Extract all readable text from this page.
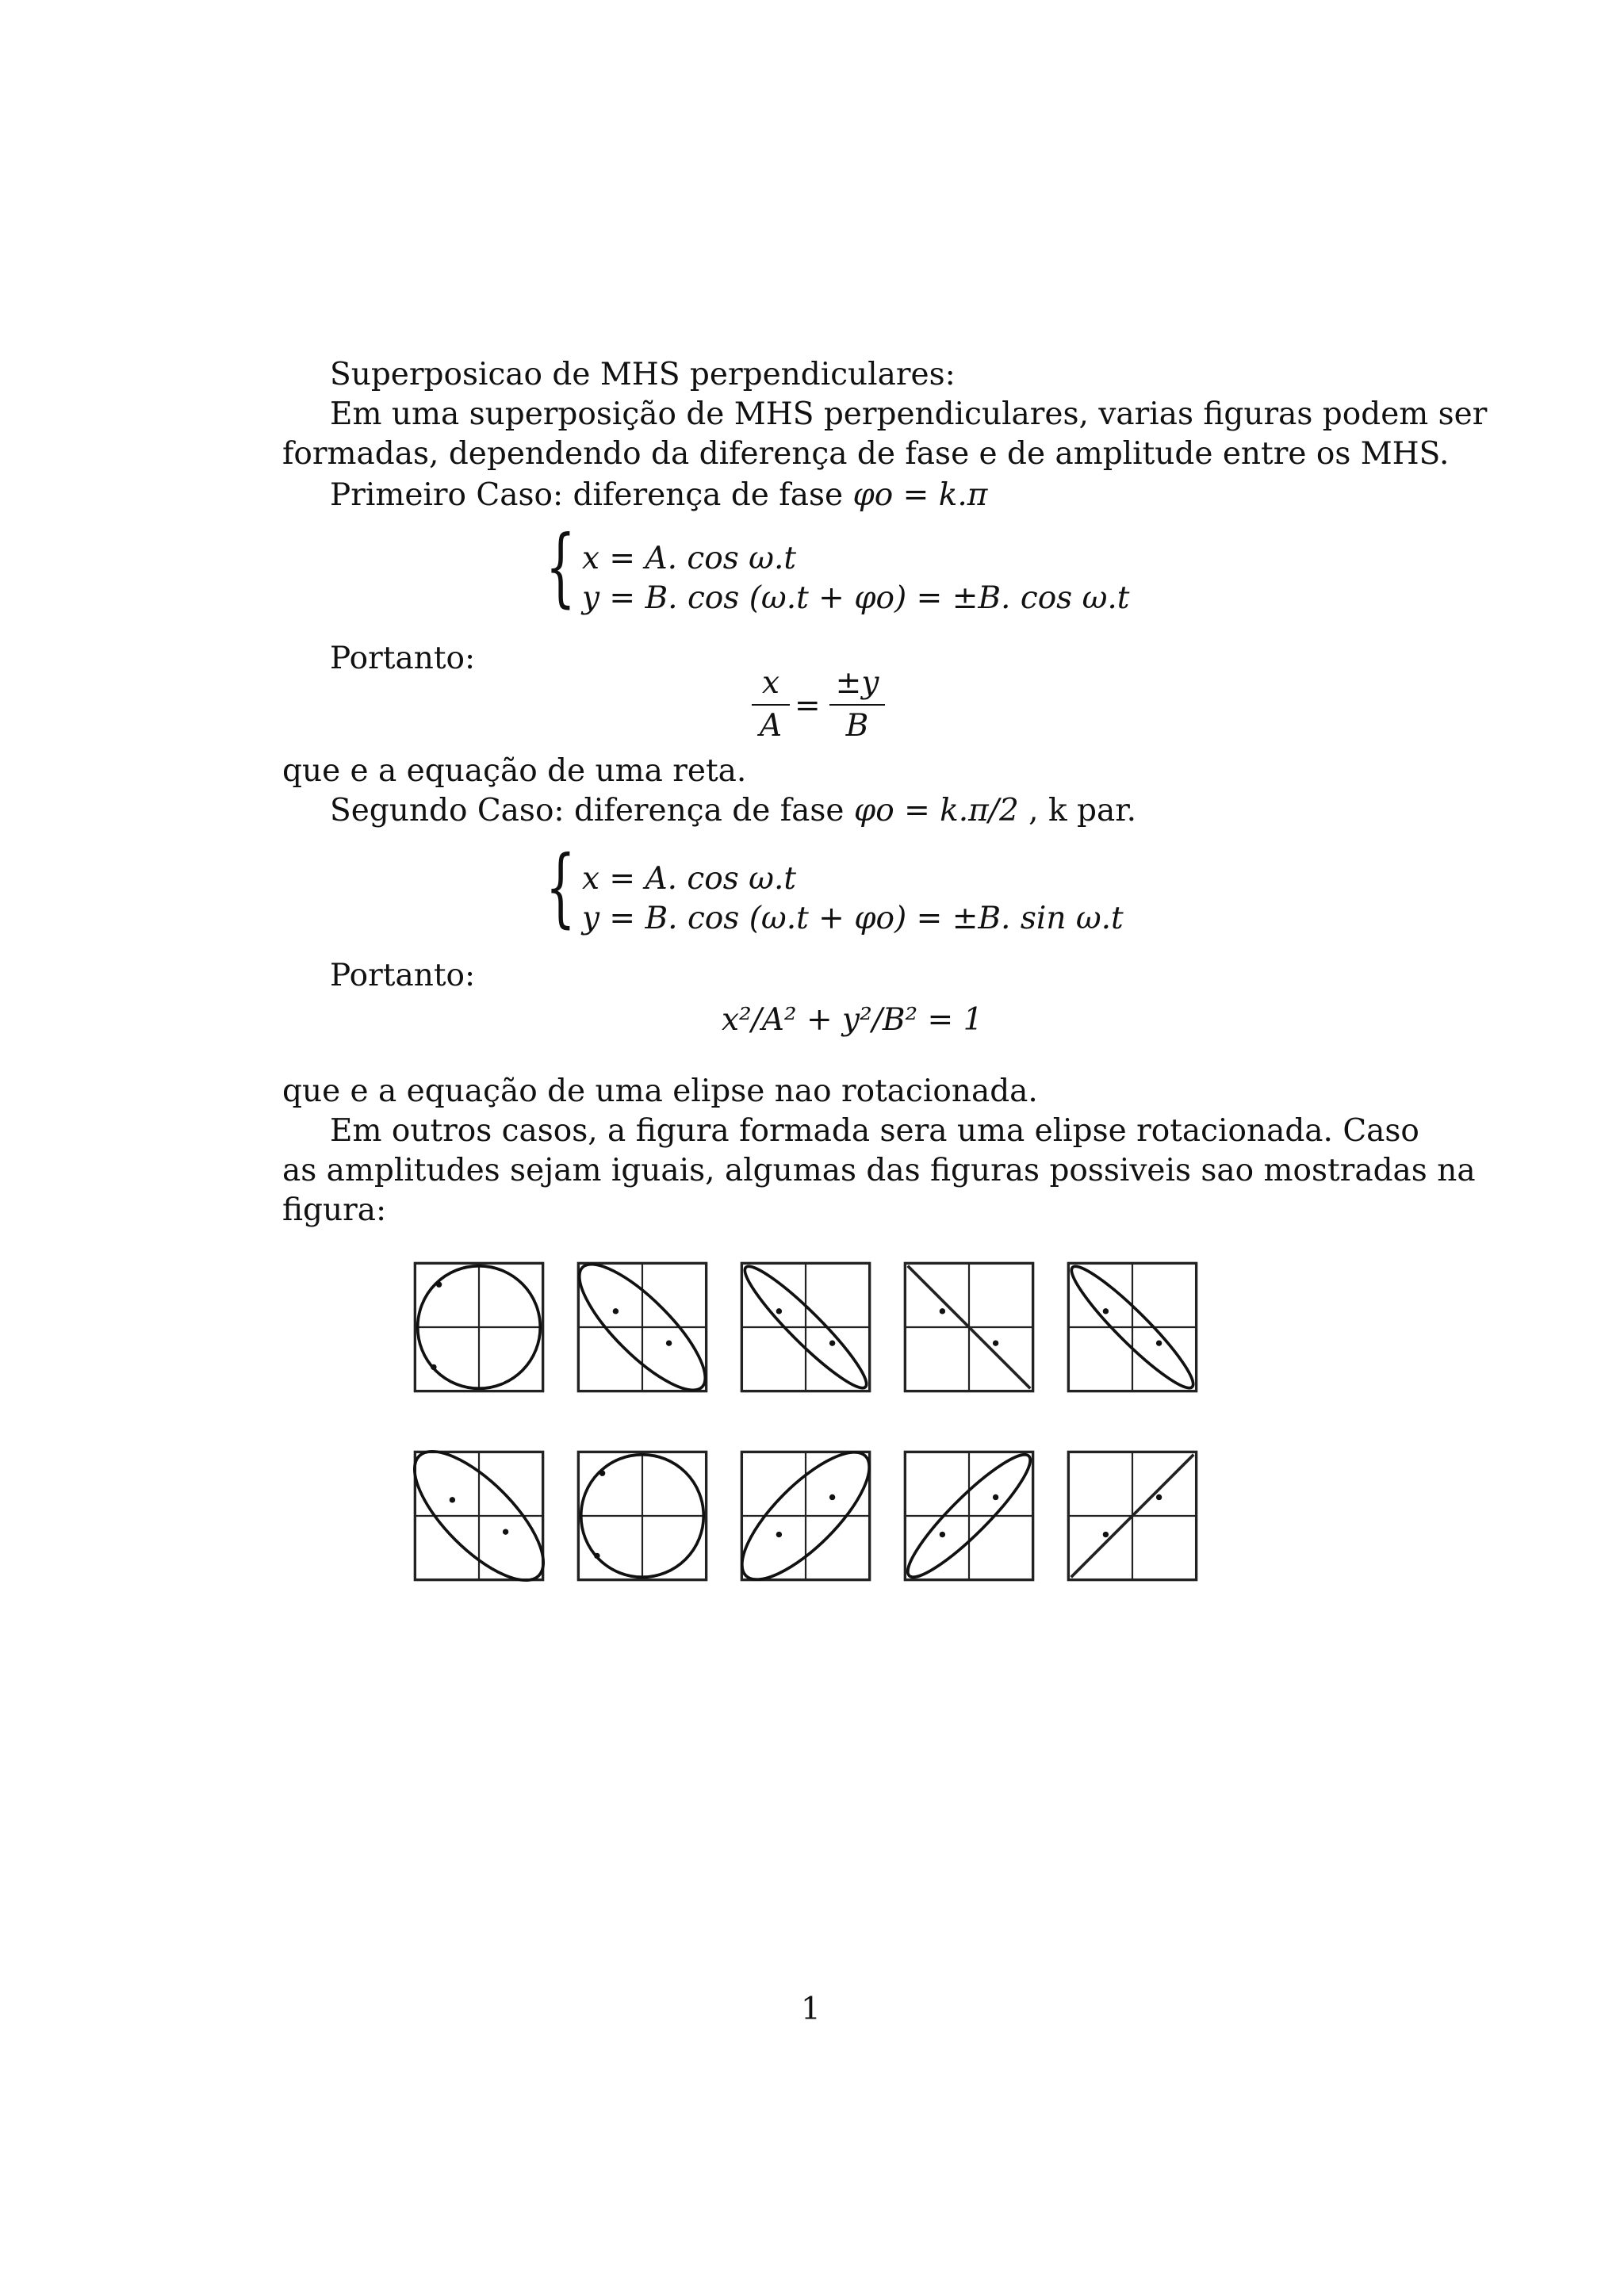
Superposicao de MHS perpendiculares:
Em uma superposição de MHS perpendiculares, varias figuras podem ser
formadas, dependendo da diferença de fase e de amplitude entre os MHS.
Primeiro Caso: diferença de fase φo = k.π
{ x = A. cos ω.t
y = B. cos (ω.t + φo) = ±B. cos ω.t
Portanto:
x
A
=
±y
B
que e a equação de uma reta.
Segundo Caso: diferença de fase φo = k.π/2 , k par.
{ x = A. cos ω.t
y = B. cos (ω.t + φo) = ±B. sin ω.t
Portanto:
x²/A² + y²/B² = 1
que e a equação de uma elipse nao rotacionada.
Em outros casos, a figura formada sera uma elipse rotacionada. Caso
as amplitudes sejam iguais, algumas das figuras possiveis sao mostradas na
figura:
1
